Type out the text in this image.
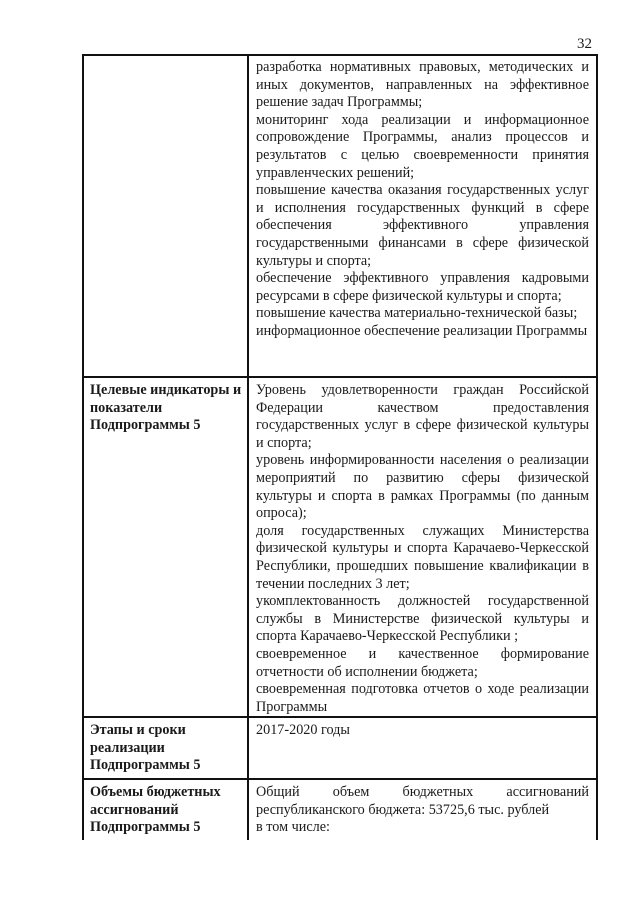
32

разработка нормативных правовых, методических и иных документов, направленных на эффективное решение задач Программы;

мониторинг хода реализации и информационное сопровождение Программы, анализ процессов и результатов с целью своевременности принятия управленческих решений;

повышение качества оказания государственных услуг и исполнения государственных функций в сфере обеспечения эффективного управления государственными финансами в сфере физической культуры и спорта;

обеспечение эффективного управления кадровыми ресурсами в сфере физической культуры и спорта;

повышение качества материально-технической базы;

информационное обеспечение реализации Программы

Целевые индикаторы и показатели Подпрограммы 5

Уровень удовлетворенности граждан Российской Федерации качеством предоставления государственных услуг в сфере физической культуры и спорта;

уровень информированности населения о реализации мероприятий по развитию сферы физической культуры и спорта в рамках Программы (по данным опроса);

доля государственных служащих Министерства физической культуры и спорта Карачаево-Черкесской Республики, прошедших повышение квалификации в течении последних 3 лет;

укомплектованность должностей государственной службы в Министерстве физической культуры и спорта Карачаево-Черкесской Республики ;

своевременное и качественное формирование отчетности об исполнении бюджета;

своевременная подготовка отчетов о ходе реализации Программы

Этапы и сроки реализации Подпрограммы 5

2017-2020 годы

Объемы бюджетных ассигнований Подпрограммы 5

Общий объем бюджетных ассигнований республиканского бюджета: 53725,6 тыс. рублей

в том числе:
